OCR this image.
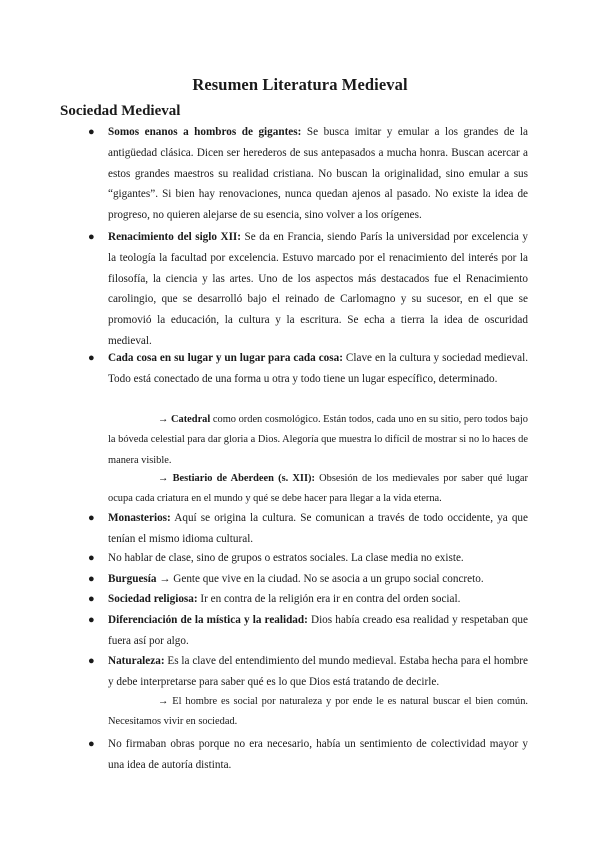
Resumen Literatura Medieval
Sociedad Medieval
● Somos enanos a hombros de gigantes: Se busca imitar y emular a los grandes de la antigüedad clásica. Dicen ser herederos de sus antepasados a mucha honra. Buscan acercar a estos grandes maestros su realidad cristiana. No buscan la originalidad, sino emular a sus “gigantes”. Si bien hay renovaciones, nunca quedan ajenos al pasado. No existe la idea de progreso, no quieren alejarse de su esencia, sino volver a los orígenes.
● Renacimiento del siglo XII: Se da en Francia, siendo París la universidad por excelencia y la teología la facultad por excelencia. Estuvo marcado por el renacimiento del interés por la filosofía, la ciencia y las artes. Uno de los aspectos más destacados fue el Renacimiento carolingio, que se desarrolló bajo el reinado de Carlomagno y su sucesor, en el que se promovió la educación, la cultura y la escritura. Se echa a tierra la idea de oscuridad medieval.
● Cada cosa en su lugar y un lugar para cada cosa: Clave en la cultura y sociedad medieval. Todo está conectado de una forma u otra y todo tiene un lugar específico, determinado.
→ Catedral como orden cosmológico. Están todos, cada uno en su sitio, pero todos bajo la bóveda celestial para dar gloria a Dios. Alegoría que muestra lo difícil de mostrar si no lo haces de manera visible.
→ Bestiario de Aberdeen (s. XII): Obsesión de los medievales por saber qué lugar ocupa cada criatura en el mundo y qué se debe hacer para llegar a la vida eterna.
● Monasterios: Aquí se origina la cultura. Se comunican a través de todo occidente, ya que tenían el mismo idioma cultural.
● No hablar de clase, sino de grupos o estratos sociales. La clase media no existe.
● Burguesía → Gente que vive en la ciudad. No se asocia a un grupo social concreto.
● Sociedad religiosa: Ir en contra de la religión era ir en contra del orden social.
● Diferenciación de la mística y la realidad: Dios había creado esa realidad y respetaban que fuera así por algo.
● Naturaleza: Es la clave del entendimiento del mundo medieval. Estaba hecha para el hombre y debe interpretarse para saber qué es lo que Dios está tratando de decirle.
→ El hombre es social por naturaleza y por ende le es natural buscar el bien común. Necesitamos vivir en sociedad.
● No firmaban obras porque no era necesario, había un sentimiento de colectividad mayor y una idea de autoría distinta.
